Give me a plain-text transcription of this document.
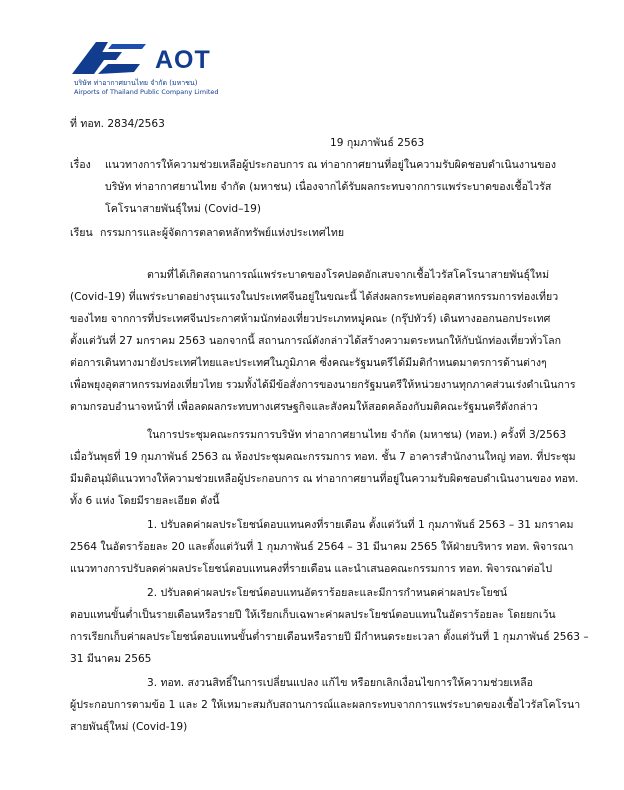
AOT
บริษัท ท่าอากาศยานไทย จำกัด (มหาชน)
Airports of Thailand Public Company Limited
ที่ ทอท. 2834/2563
19 กุมภาพันธ์ 2563
เรื่อง แนวทางการให้ความช่วยเหลือผู้ประกอบการ ณ ท่าอากาศยานที่อยู่ในความรับผิดชอบดำเนินงานของ
บริษัท ท่าอากาศยานไทย จำกัด (มหาชน) เนื่องจากได้รับผลกระทบจากการแพร่ระบาดของเชื้อไวรัส
โคโรนาสายพันธุ์ใหม่ (Covid–19)
เรียน กรรมการและผู้จัดการตลาดหลักทรัพย์แห่งประเทศไทย
ตามที่ได้เกิดสถานการณ์แพร่ระบาดของโรคปอดอักเสบจากเชื้อไวรัสโคโรนาสายพันธุ์ใหม่
(Covid-19) ที่แพร่ระบาดอย่างรุนแรงในประเทศจีนอยู่ในขณะนี้ ได้ส่งผลกระทบต่ออุตสาหกรรมการท่องเที่ยว
ของไทย จากการที่ประเทศจีนประกาศห้ามนักท่องเที่ยวประเภทหมู่คณะ (กรุ๊ปทัวร์) เดินทางออกนอกประเทศ
ตั้งแต่วันที่ 27 มกราคม 2563 นอกจากนี้ สถานการณ์ดังกล่าวได้สร้างความตระหนกให้กับนักท่องเที่ยวทั่วโลก
ต่อการเดินทางมายังประเทศไทยและประเทศในภูมิภาค ซึ่งคณะรัฐมนตรีได้มีมติกำหนดมาตรการด้านต่างๆ
เพื่อพยุงอุตสาหกรรมท่องเที่ยวไทย รวมทั้งได้มีข้อสั่งการของนายกรัฐมนตรีให้หน่วยงานทุกภาคส่วนเร่งดำเนินการ
ตามกรอบอำนาจหน้าที่ เพื่อลดผลกระทบทางเศรษฐกิจและสังคมให้สอดคล้องกับมติคณะรัฐมนตรีดังกล่าว
ในการประชุมคณะกรรมการบริษัท ท่าอากาศยานไทย จำกัด (มหาชน) (ทอท.) ครั้งที่ 3/2563
เมื่อวันพุธที่ 19 กุมภาพันธ์ 2563 ณ ห้องประชุมคณะกรรมการ ทอท. ชั้น 7 อาคารสำนักงานใหญ่ ทอท. ที่ประชุม
มีมติอนุมัติแนวทางให้ความช่วยเหลือผู้ประกอบการ ณ ท่าอากาศยานที่อยู่ในความรับผิดชอบดำเนินงานของ ทอท.
ทั้ง 6 แห่ง โดยมีรายละเอียด ดังนี้
1. ปรับลดค่าผลประโยชน์ตอบแทนคงที่รายเดือน ตั้งแต่วันที่ 1 กุมภาพันธ์ 2563 – 31 มกราคม
2564 ในอัตราร้อยละ 20 และตั้งแต่วันที่ 1 กุมภาพันธ์ 2564 – 31 มีนาคม 2565 ให้ฝ่ายบริหาร ทอท. พิจารณา
แนวทางการปรับลดค่าผลประโยชน์ตอบแทนคงที่รายเดือน และนำเสนอคณะกรรมการ ทอท. พิจารณาต่อไป
2. ปรับลดค่าผลประโยชน์ตอบแทนอัตราร้อยละและมีการกำหนดค่าผลประโยชน์
ตอบแทนขั้นต่ำเป็นรายเดือนหรือรายปี ให้เรียกเก็บเฉพาะค่าผลประโยชน์ตอบแทนในอัตราร้อยละ โดยยกเว้น
การเรียกเก็บค่าผลประโยชน์ตอบแทนขั้นต่ำรายเดือนหรือรายปี มีกำหนดระยะเวลา ตั้งแต่วันที่ 1 กุมภาพันธ์ 2563 –
31 มีนาคม 2565
3. ทอท. สงวนสิทธิ์ในการเปลี่ยนแปลง แก้ไข หรือยกเลิกเงื่อนไขการให้ความช่วยเหลือ
ผู้ประกอบการตามข้อ 1 และ 2 ให้เหมาะสมกับสถานการณ์และผลกระทบจากการแพร่ระบาดของเชื้อไวรัสโคโรนา
สายพันธุ์ใหม่ (Covid-19)
